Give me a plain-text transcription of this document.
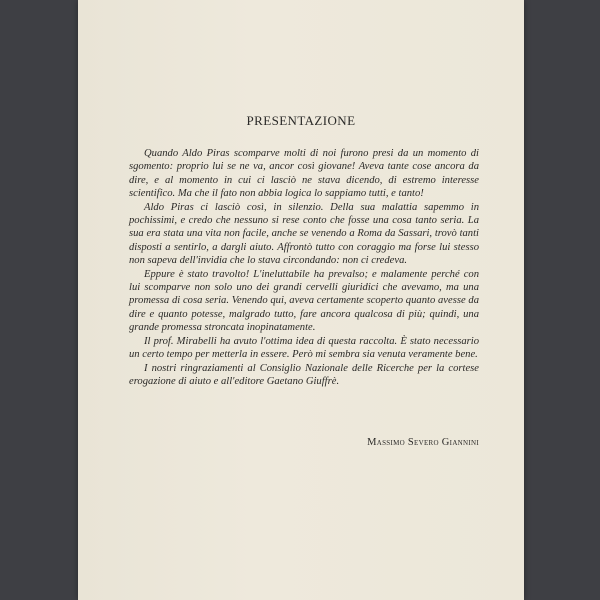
PRESENTAZIONE

Quando Aldo Piras scomparve molti di noi furono presi da un momento di sgomento: proprio lui se ne va, ancor così giovane! Aveva tante cose ancora da dire, e al momento in cui ci lasciò ne stava dicendo, di estremo interesse scientifico. Ma che il fato non abbia logica lo sappiamo tutti, e tanto!

Aldo Piras ci lasciò così, in silenzio. Della sua malattia sapemmo in pochissimi, e credo che nessuno si rese conto che fosse una cosa tanto seria. La sua era stata una vita non facile, anche se venendo a Roma da Sassari, trovò tanti disposti a sentirlo, a dargli aiuto. Affrontò tutto con coraggio ma forse lui stesso non sapeva dell'invidia che lo stava circondando: non ci credeva.

Eppure è stato travolto! L'ineluttabile ha prevalso; e malamente perché con lui scomparve non solo uno dei grandi cervelli giuridici che avevamo, ma una promessa di cosa seria. Venendo qui, aveva certamente scoperto quanto avesse da dire e quanto potesse, malgrado tutto, fare ancora qualcosa di più; quindi, una grande promessa stroncata inopinatamente.

Il prof. Mirabelli ha avuto l'ottima idea di questa raccolta. È stato necessario un certo tempo per metterla in essere. Però mi sembra sia venuta veramente bene.

I nostri ringraziamenti al Consiglio Nazionale delle Ricerche per la cortese erogazione di aiuto e all'editore Gaetano Giuffrè.

Massimo Severo Giannini
